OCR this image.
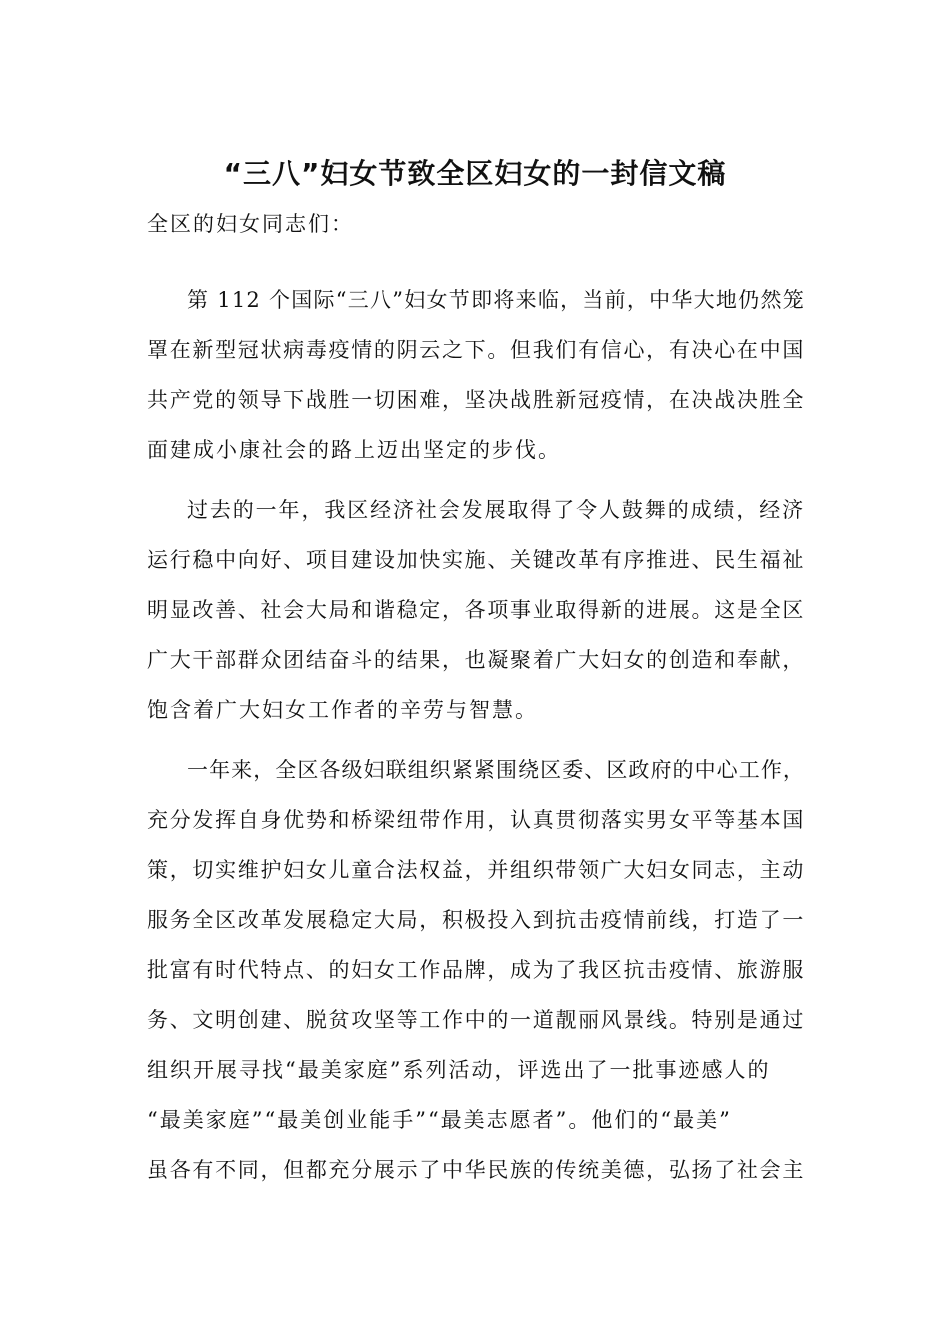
“三八”妇女节致全区妇女的一封信文稿
全区的妇女同志们：
第 112 个国际“三八”妇女节即将来临，当前，中华大地仍然笼
罩在新型冠状病毒疫情的阴云之下。但我们有信心，有决心在中国
共产党的领导下战胜一切困难，坚决战胜新冠疫情，在决战决胜全
面建成小康社会的路上迈出坚定的步伐。
过去的一年，我区经济社会发展取得了令人鼓舞的成绩，经济
运行稳中向好、项目建设加快实施、关键改革有序推进、民生福祉
明显改善、社会大局和谐稳定，各项事业取得新的进展。这是全区
广大干部群众团结奋斗的结果，也凝聚着广大妇女的创造和奉献，
饱含着广大妇女工作者的辛劳与智慧。
一年来，全区各级妇联组织紧紧围绕区委、区政府的中心工作，
充分发挥自身优势和桥梁纽带作用，认真贯彻落实男女平等基本国
策，切实维护妇女儿童合法权益，并组织带领广大妇女同志，主动
服务全区改革发展稳定大局，积极投入到抗击疫情前线，打造了一
批富有时代特点、的妇女工作品牌，成为了我区抗击疫情、旅游服
务、文明创建、脱贫攻坚等工作中的一道靓丽风景线。特别是通过
组织开展寻找“最美家庭”系列活动，评选出了一批事迹感人的
“最美家庭”“最美创业能手”“最美志愿者”。他们的“最美”
虽各有不同，但都充分展示了中华民族的传统美德，弘扬了社会主
